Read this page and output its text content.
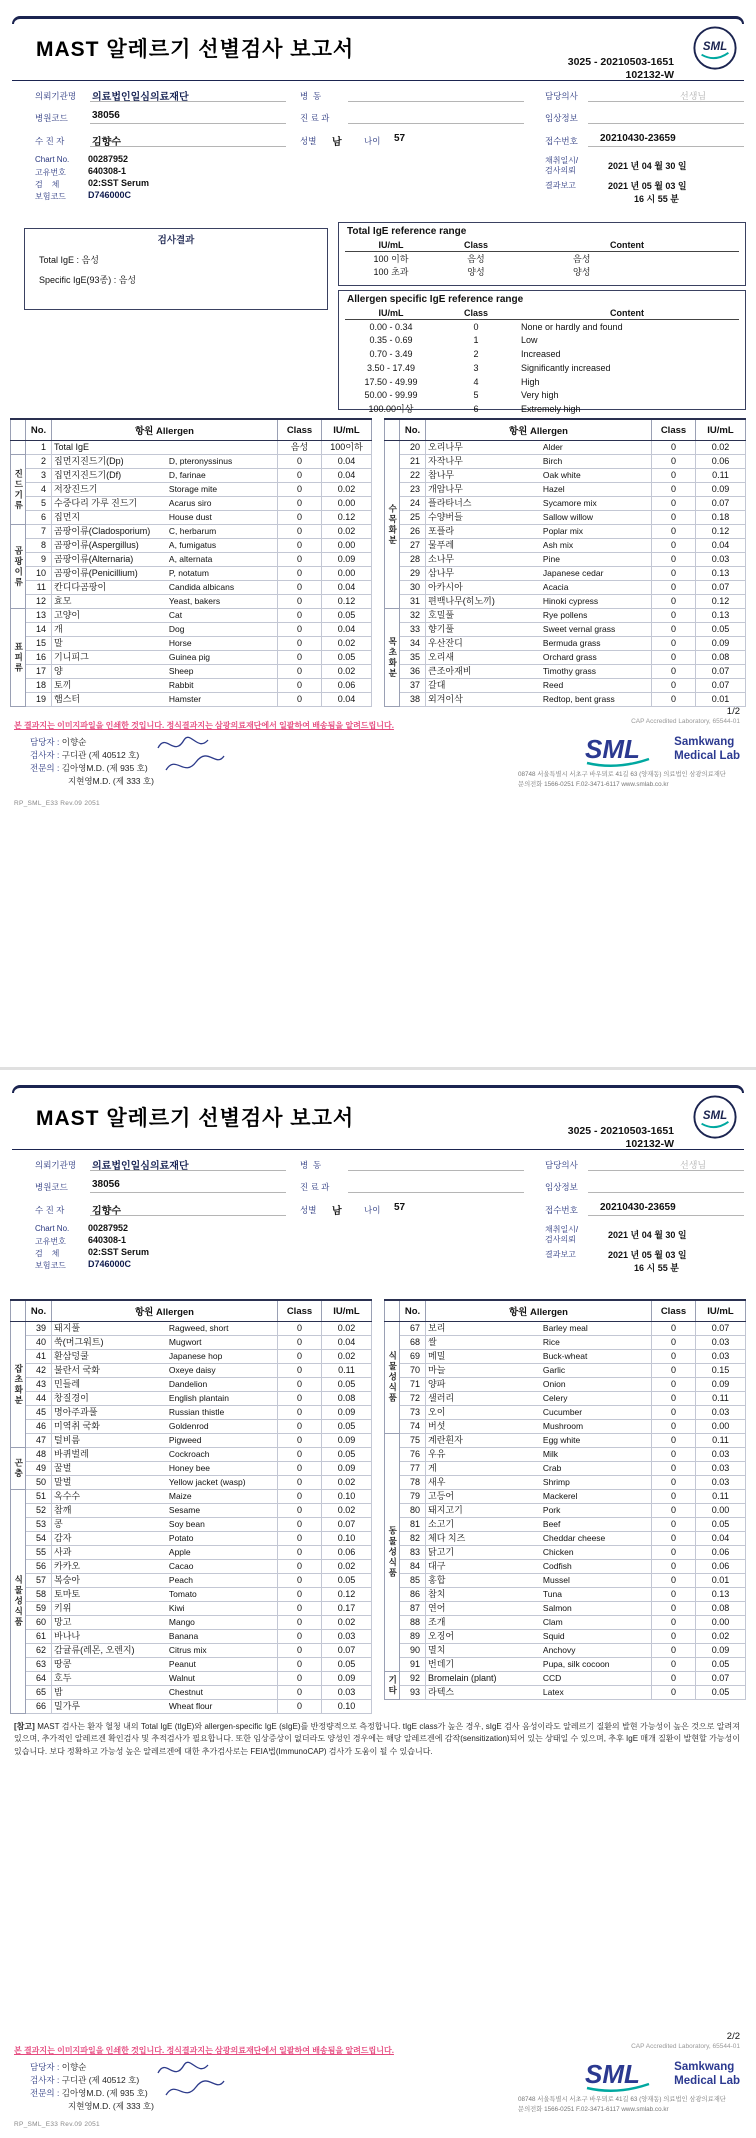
MAST 알레르기 선별검사 보고서
3025 - 20210503-1651
102132-W
SML
의뢰기관명 의료법인일심의료재단	병  동	담당의사	선생님
병원코드 38056	진 료 과	임상정보
수 진 자	김향수	성별 남	나이 57	접수번호 20210430-23659
Chart No. 00287952
고유번호 640308-1
검    체	02:SST Serum
보험코드 D746000C
채취일시/
검사의뢰	2021 년 04 월 30 일
결과보고	2021 년 05 월 03 일
16 시 55 분
검사결과
Total IgE : 음성
Specific IgE(93종) : 음성
Total IgE reference range
IU/mL	Class	Content
100 이하	음성	음성
100 초과	양성	양성
Allergen specific IgE reference range
IU/mL	Class	Content
0.00 - 0.34	0	None or hardly and found
0.35 - 0.69	1	Low
0.70 - 3.49	2	Increased
3.50 - 17.49	3	Significantly increased
17.50 - 49.99	4	High
50.00 - 99.99	5	Very high
100.00이상	6	Extremely high
	No.	항원 Allergen	Class	IU/mL
	1	Total IgE	음성	100이하
진드기류	2	집먼지진드기(Dp) D, pteronyssinus	0	0.04
	3	집먼지진드기(Df) D, farinae	0	0.04
	4	저장진드기 Storage mite	0	0.02
	5	수중다리 가루 진드기 Acarus siro	0	0.00
	6	집먼지 House dust	0	0.12
곰팡이류	7	곰팡이류(Cladosporium) C, herbarum	0	0.02
	8	곰팡이류(Aspergillus) A, fumigatus	0	0.00
	9	곰팡이류(Alternaria) A, alternata	0	0.09
	10	곰팡이류(Penicillium) P, notatum	0	0.00
	11	칸디다곰팡이 Candida albicans	0	0.04
	12	효모 Yeast, bakers	0	0.12
표피류	13	고양이 Cat	0	0.05
	14	개 Dog	0	0.04
	15	말 Horse	0	0.02
	16	기니피그 Guinea pig	0	0.05
	17	양 Sheep	0	0.02
	18	토끼 Rabbit	0	0.06
	19	햄스터 Hamster	0	0.04
	No.	항원 Allergen	Class	IU/mL
수목화분	20	오리나무 Alder	0	0.02
	21	자작나무 Birch	0	0.06
	22	참나무 Oak white	0	0.11
	23	개암나무 Hazel	0	0.09
	24	플라타너스 Sycamore mix	0	0.07
	25	수양버들 Sallow willow	0	0.18
	26	포플라 Poplar mix	0	0.12
	27	물푸레 Ash mix	0	0.04
	28	소나무 Pine	0	0.03
	29	삼나무 Japanese cedar	0	0.13
	30	아카시아 Acacia	0	0.07
	31	편백나무(히노끼) Hinoki cypress	0	0.12
목초화분	32	호밀풀 Rye pollens	0	0.13
	33	향기풀 Sweet vernal grass	0	0.05
	34	우산잔디 Bermuda grass	0	0.09
	35	오리새 Orchard grass	0	0.08
	36	큰조아재비 Timothy grass	0	0.07
	37	갈대 Reed	0	0.07
	38	외겨이삭 Redtop, bent grass	0	0.01
1/2
본 결과지는 이미지파일을 인쇄한 것입니다. 정식결과지는 삼광의료재단에서 일괄하여 배송됨을 알려드립니다.	CAP Accredited Laboratory, 65544-01
담당자 : 이향순
검사자 : 구디관 (제 40512 호)
전문의 : 김아영M.D. (제 935 호)
지현영M.D. (제 333 호)
SML	Samkwang
Medical Lab
08748 서울특별시 서초구 바우뫼로 41길 63 (양재동) 의료법인 삼광의료재단
문의전화 1566-0251 F.02-3471-6117 www.smlab.co.kr
RP_SML_E33 Rev.09 2051
MAST 알레르기 선별검사 보고서
3025 - 20210503-1651
102132-W
SML
의뢰기관명 의료법인일심의료재단	병  동	담당의사	선생님
병원코드 38056	진 료 과	임상정보
수 진 자	김향수	성별 남	나이 57	접수번호 20210430-23659
Chart No. 00287952
고유번호 640308-1
검    체	02:SST Serum
보험코드 D746000C
채취일시/
검사의뢰	2021 년 04 월 30 일
결과보고	2021 년 05 월 03 일
16 시 55 분
	No.	항원 Allergen	Class	IU/mL
잡초화분	39	돼지풀 Ragweed, short	0	0.02
	40	쑥(머그워트) Mugwort	0	0.04
	41	환삼덩쿨 Japanese hop	0	0.02
	42	불란서 국화 Oxeye daisy	0	0.11
	43	민들레 Dandelion	0	0.05
	44	창질경이 English plantain	0	0.08
	45	명아주과풀 Russian thistle	0	0.09
	46	미역취 국화 Goldenrod	0	0.05
	47	털비름 Pigweed	0	0.09
곤충	48	바퀴벌레 Cockroach	0	0.05
	49	꿀벌 Honey bee	0	0.09
	50	말벌 Yellow jacket (wasp)	0	0.02
식물성식품	51	옥수수 Maize	0	0.10
	52	참깨 Sesame	0	0.02
	53	콩 Soy bean	0	0.07
	54	감자 Potato	0	0.10
	55	사과 Apple	0	0.06
	56	카카오 Cacao	0	0.02
	57	복숭아 Peach	0	0.05
	58	토마토 Tomato	0	0.12
	59	키위 Kiwi	0	0.17
	60	망고 Mango	0	0.02
	61	바나나 Banana	0	0.03
	62	감귤류(레몬, 오렌지) Citrus mix	0	0.07
	63	땅콩 Peanut	0	0.05
	64	호두 Walnut	0	0.09
	65	밤 Chestnut	0	0.03
	66	밀가루 Wheat flour	0	0.10
	No.	항원 Allergen	Class	IU/mL
식물성식품	67	보리 Barley meal	0	0.07
	68	쌀 Rice	0	0.03
	69	메밀 Buck-wheat	0	0.03
	70	마늘 Garlic	0	0.15
	71	양파 Onion	0	0.09
	72	샐러리 Celery	0	0.11
	73	오이 Cucumber	0	0.03
	74	버섯 Mushroom	0	0.00
동물성식품	75	계란흰자 Egg white	0	0.11
	76	우유 Milk	0	0.03
	77	게 Crab	0	0.03
	78	새우 Shrimp	0	0.03
	79	고등어 Mackerel	0	0.11
	80	돼지고기 Pork	0	0.00
	81	소고기 Beef	0	0.05
	82	체다 치즈 Cheddar cheese	0	0.04
	83	닭고기 Chicken	0	0.06
	84	대구 Codfish	0	0.06
	85	홍합 Mussel	0	0.01
	86	참치 Tuna	0	0.13
	87	연어 Salmon	0	0.08
	88	조개 Clam	0	0.00
	89	오징어 Squid	0	0.02
	90	멸치 Anchovy	0	0.09
	91	번데기 Pupa, silk cocoon	0	0.05
기타	92	Bromelain (plant) CCD	0	0.07
	93	라텍스 Latex	0	0.05
[참고] MAST 검사는 환자 혈청 내의 Total IgE (tIgE)와 allergen-specific IgE (sIgE)를 반정량적으로 측정합니다. tIgE class가 높은 경우, sIgE 검사 음성이라도 알레르기 질환의 발현 가능성이 높은 것으로 알려져 있으며, 추가적인 알레르겐 확인검사 및 추적검사가 필요합니다. 또한 임상증상이 없더라도 양성인 경우에는 해당 알레르겐에 감작(sensitization)되어 있는 상태일 수 있으며, 추후 IgE 매개 질환이 발현할 가능성이 있습니다. 보다 정확하고 가능성 높은 알레르겐에 대한 추가검사로는 FEIA법(ImmunoCAP) 검사가 도움이 될 수 있습니다.
2/2
본 결과지는 이미지파일을 인쇄한 것입니다. 정식결과지는 삼광의료재단에서 일괄하여 배송됨을 알려드립니다.	CAP Accredited Laboratory, 65544-01
담당자 : 이향순
검사자 : 구디관 (제 40512 호)
전문의 : 김아영M.D. (제 935 호)
지현영M.D. (제 333 호)
SML	Samkwang
Medical Lab
08748 서울특별시 서초구 바우뫼로 41길 63 (양재동) 의료법인 삼광의료재단
문의전화 1566-0251 F.02-3471-6117 www.smlab.co.kr
RP_SML_E33 Rev.09 2051
